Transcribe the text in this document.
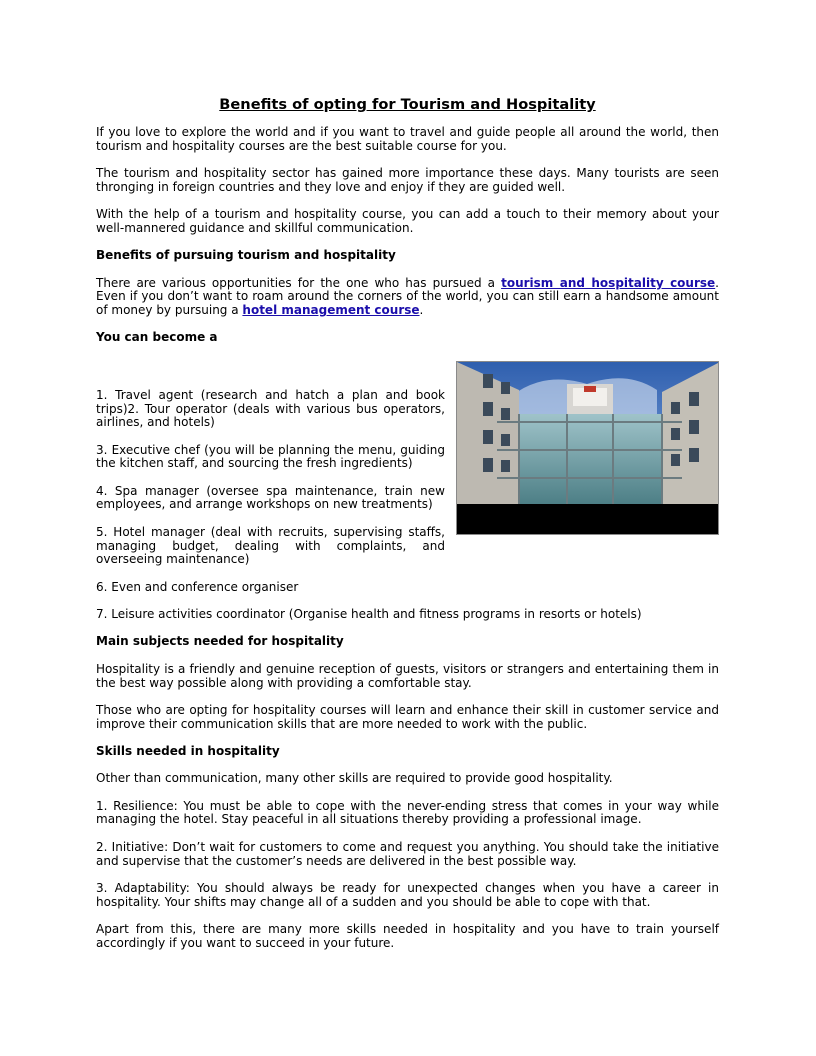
Benefits of opting for Tourism and Hospitality

If you love to explore the world and if you want to travel and guide people all around the world, then tourism and hospitality courses are the best suitable course for you.

The tourism and hospitality sector has gained more importance these days. Many tourists are seen thronging in foreign countries and they love and enjoy if they are guided well.

With the help of a tourism and hospitality course, you can add a touch to their memory about your well-mannered guidance and skillful communication.

Benefits of pursuing tourism and hospitality

There are various opportunities for the one who has pursued a tourism and hospitality course. Even if you don’t want to roam around the corners of the world, you can still earn a handsome amount of money by pursuing a hotel management course.

You can become a

1. Travel agent (research and hatch a plan and book trips)2. Tour operator (deals with various bus operators, airlines, and hotels)

3. Executive chef (you will be planning the menu, guiding the kitchen staff, and sourcing the fresh ingredients)

4. Spa manager (oversee spa maintenance, train new employees, and arrange workshops on new treatments)

5. Hotel manager (deal with recruits, supervising staffs, managing budget, dealing with complaints, and overseeing maintenance)

6. Even and conference organiser

7. Leisure activities coordinator (Organise health and fitness programs in resorts or hotels)

Main subjects needed for hospitality

Hospitality is a friendly and genuine reception of guests, visitors or strangers and entertaining them in the best way possible along with providing a comfortable stay.

Those who are opting for hospitality courses will learn and enhance their skill in customer service and improve their communication skills that are more needed to work with the public.

Skills needed in hospitality

Other than communication, many other skills are required to provide good hospitality.

1. Resilience: You must be able to cope with the never-ending stress that comes in your way while managing the hotel. Stay peaceful in all situations thereby providing a professional image.

2. Initiative: Don’t wait for customers to come and request you anything. You should take the initiative and supervise that the customer’s needs are delivered in the best possible way.

3. Adaptability: You should always be ready for unexpected changes when you have a career in hospitality. Your shifts may change all of a sudden and you should be able to cope with that.

Apart from this, there are many more skills needed in hospitality and you have to train yourself accordingly if you want to succeed in your future.
